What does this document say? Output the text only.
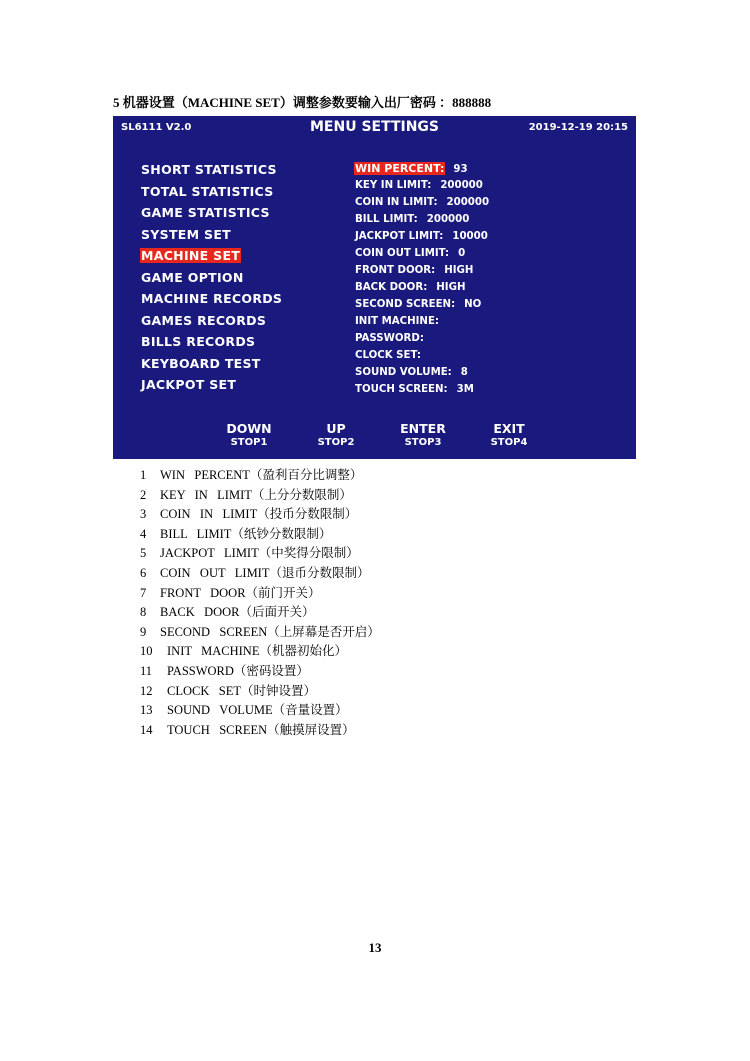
5 机器设置（MACHINE SET）调整参数要输入出厂密码 ：888888
SL6111 V2.0	MENU SETTINGS	2019-12-19 20:15
SHORT STATISTICS
TOTAL STATISTICS
GAME STATISTICS
SYSTEM SET
MACHINE SET
GAME OPTION
MACHINE RECORDS
GAMES RECORDS
BILLS RECORDS
KEYBOARD TEST
JACKPOT SET
WIN PERCENT: 93
KEY IN LIMIT: 200000
COIN IN LIMIT: 200000
BILL LIMIT: 200000
JACKPOT LIMIT: 10000
COIN OUT LIMIT: 0
FRONT DOOR: HIGH
BACK DOOR: HIGH
SECOND SCREEN: NO
INIT MACHINE:
PASSWORD:
CLOCK SET:
SOUND VOLUME: 8
TOUCH SCREEN: 3M
DOWN
STOP1
UP
STOP2
ENTER
STOP3
EXIT
STOP4
1 WIN   PERCENT（盈利百分比调整）
2 KEY   IN   LIMIT（上分分数限制）
3 COIN   IN   LIMIT（投币分数限制）
4 BILL   LIMIT（纸钞分数限制）
5 JACKPOT   LIMIT（中奖得分限制）
6 COIN   OUT   LIMIT（退币分数限制）
7 FRONT   DOOR（前门开关）
8 BACK   DOOR（后面开关）
9 SECOND   SCREEN（上屏幕是否开启）
10 INIT   MACHINE（机器初始化）
11 PASSWORD（密码设置）
12 CLOCK   SET（时钟设置）
13 SOUND   VOLUME（音量设置）
14 TOUCH   SCREEN（触摸屏设置）
13
